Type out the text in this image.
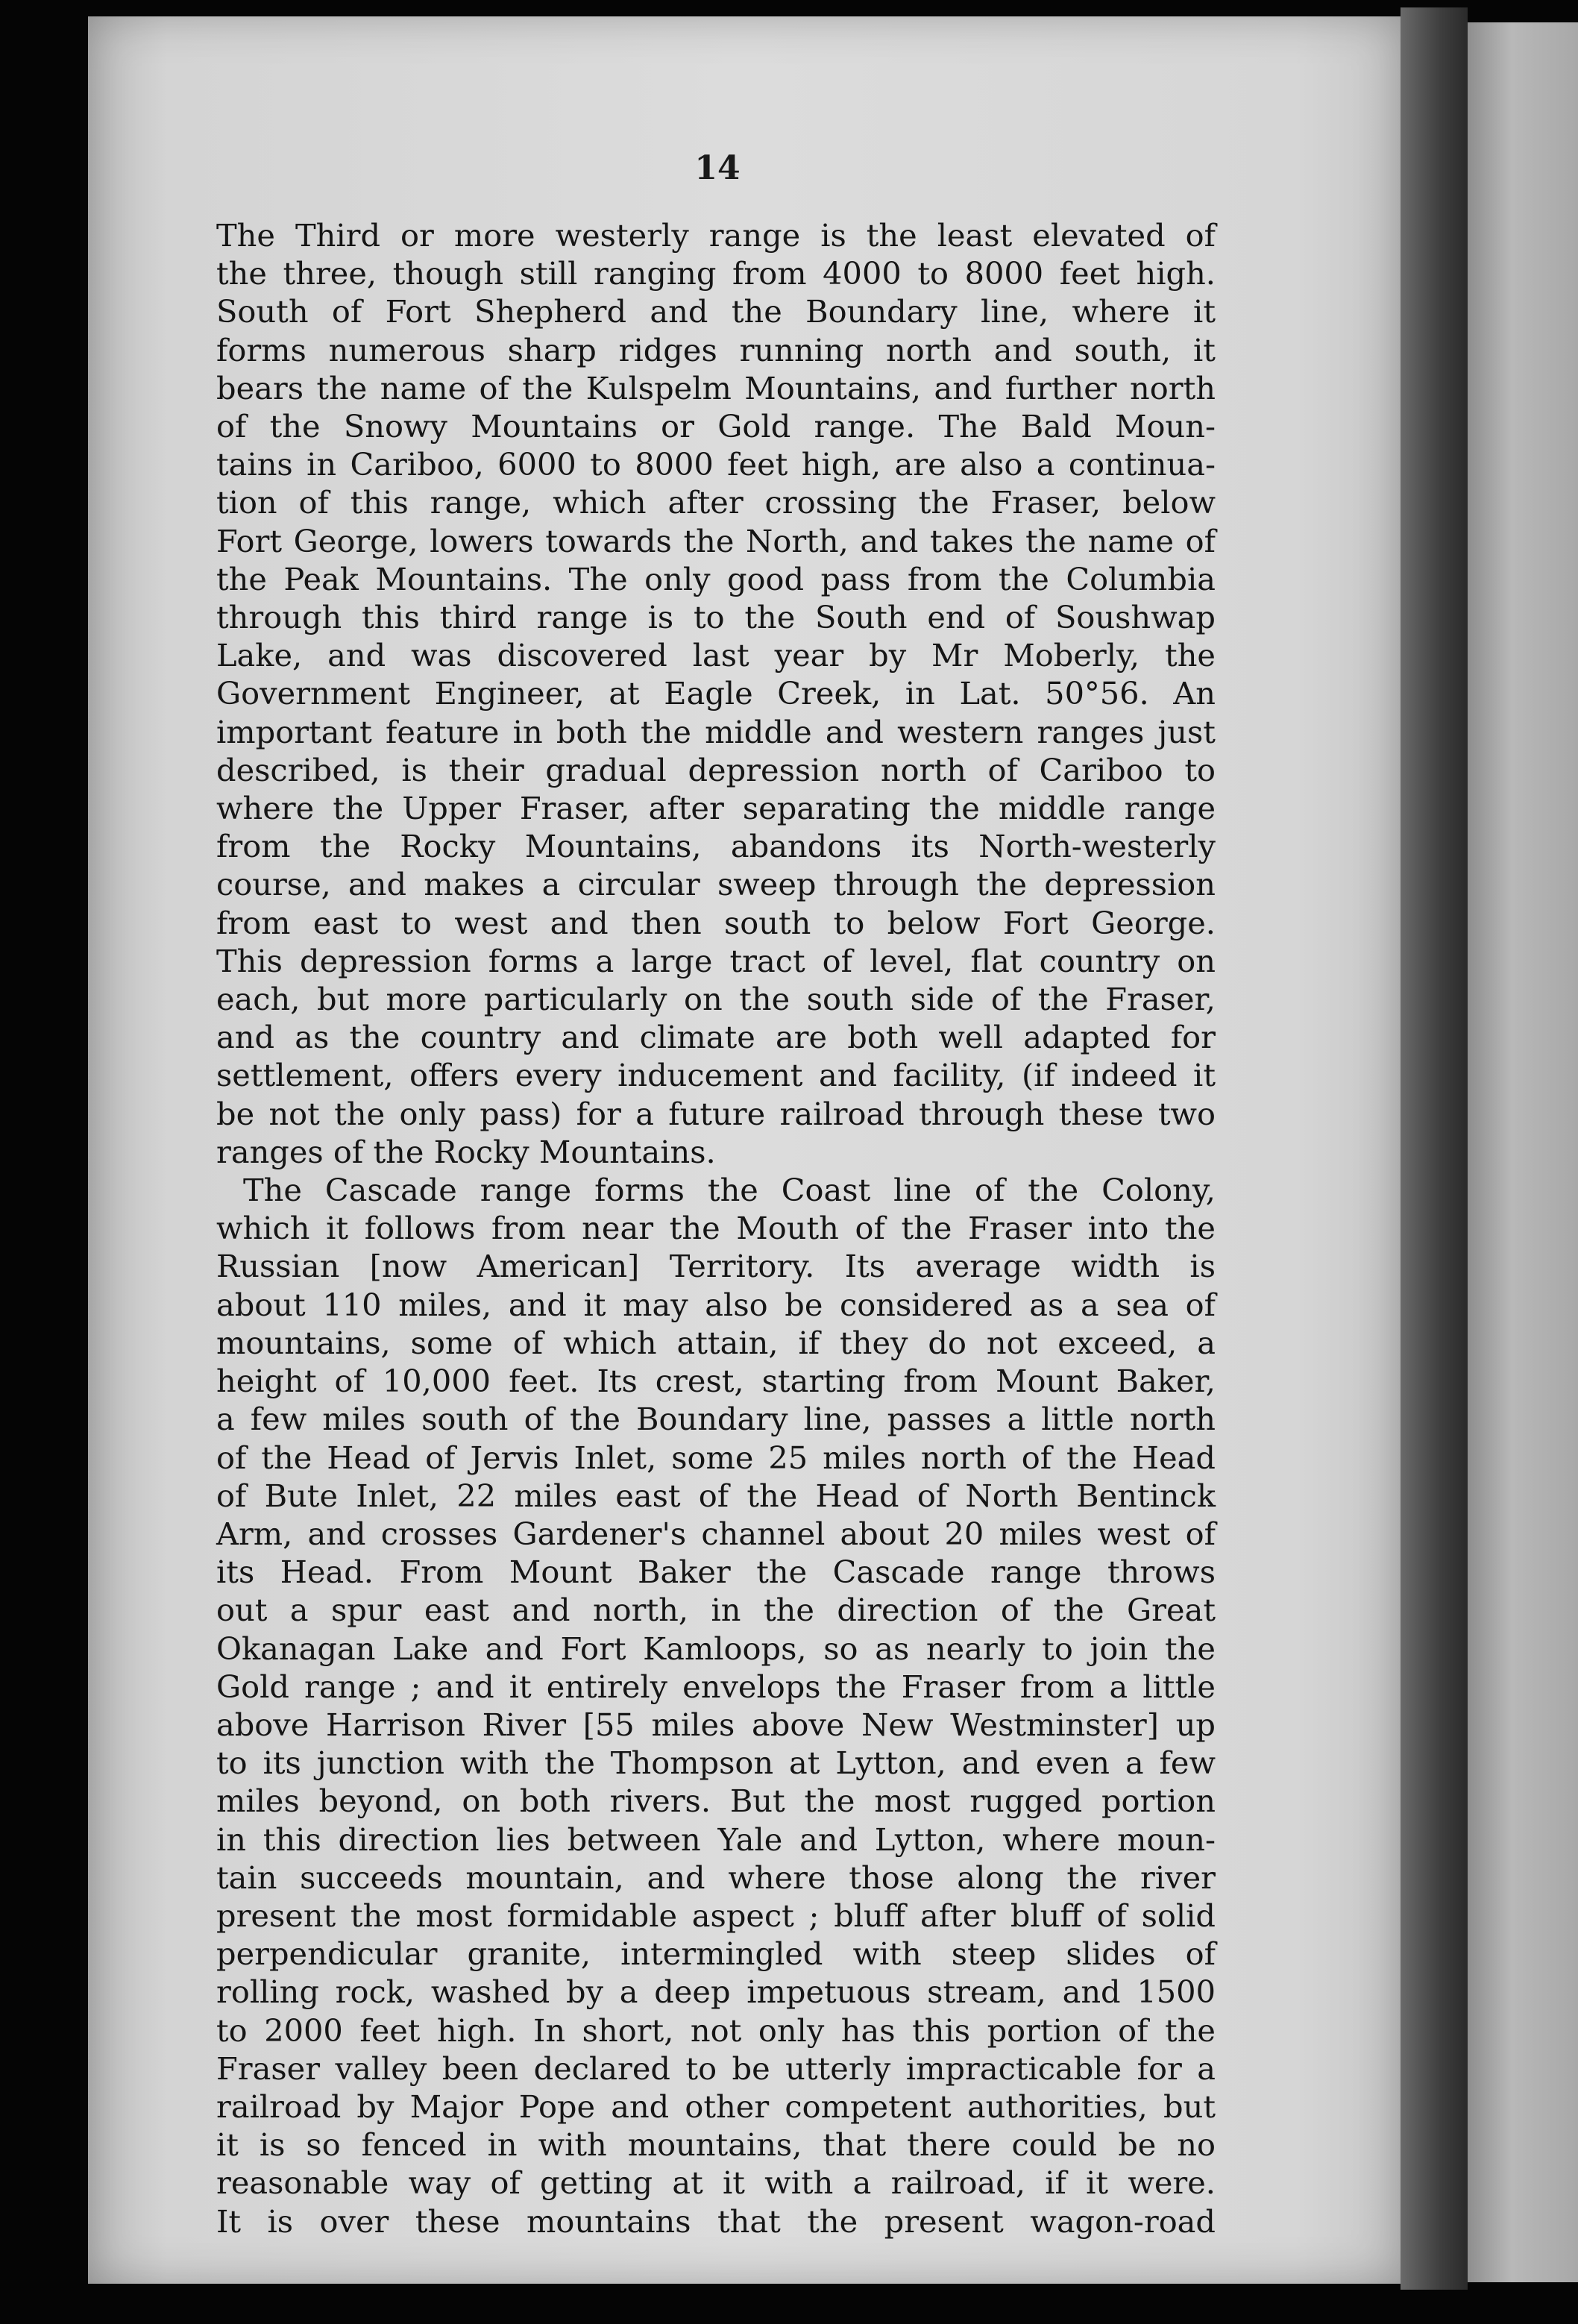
14
The Third or more westerly range is the least elevated of
the three, though still ranging from 4000 to 8000 feet high.
South of Fort Shepherd and the Boundary line, where it
forms numerous sharp ridges running north and south, it
bears the name of the Kulspelm Mountains, and further north
of the Snowy Mountains or Gold range. The Bald Moun-
tains in Cariboo, 6000 to 8000 feet high, are also a continua-
tion of this range, which after crossing the Fraser, below
Fort George, lowers towards the North, and takes the name of
the Peak Mountains. The only good pass from the Columbia
through this third range is to the South end of Soushwap
Lake, and was discovered last year by Mr Moberly, the
Government Engineer, at Eagle Creek, in Lat. 50°56. An
important feature in both the middle and western ranges just
described, is their gradual depression north of Cariboo to
where the Upper Fraser, after separating the middle range
from the Rocky Mountains, abandons its North-westerly
course, and makes a circular sweep through the depression
from east to west and then south to below Fort George.
This depression forms a large tract of level, flat country on
each, but more particularly on the south side of the Fraser,
and as the country and climate are both well adapted for
settlement, offers every inducement and facility, (if indeed it
be not the only pass) for a future railroad through these two
ranges of the Rocky Mountains.
The Cascade range forms the Coast line of the Colony,
which it follows from near the Mouth of the Fraser into the
Russian [now American] Territory. Its average width is
about 110 miles, and it may also be considered as a sea of
mountains, some of which attain, if they do not exceed, a
height of 10,000 feet. Its crest, starting from Mount Baker,
a few miles south of the Boundary line, passes a little north
of the Head of Jervis Inlet, some 25 miles north of the Head
of Bute Inlet, 22 miles east of the Head of North Bentinck
Arm, and crosses Gardener's channel about 20 miles west of
its Head. From Mount Baker the Cascade range throws
out a spur east and north, in the direction of the Great
Okanagan Lake and Fort Kamloops, so as nearly to join the
Gold range ; and it entirely envelops the Fraser from a little
above Harrison River [55 miles above New Westminster] up
to its junction with the Thompson at Lytton, and even a few
miles beyond, on both rivers. But the most rugged portion
in this direction lies between Yale and Lytton, where moun-
tain succeeds mountain, and where those along the river
present the most formidable aspect ; bluff after bluff of solid
perpendicular granite, intermingled with steep slides of
rolling rock, washed by a deep impetuous stream, and 1500
to 2000 feet high. In short, not only has this portion of the
Fraser valley been declared to be utterly impracticable for a
railroad by Major Pope and other competent authorities, but
it is so fenced in with mountains, that there could be no
reasonable way of getting at it with a railroad, if it were.
It is over these mountains that the present wagon-road
